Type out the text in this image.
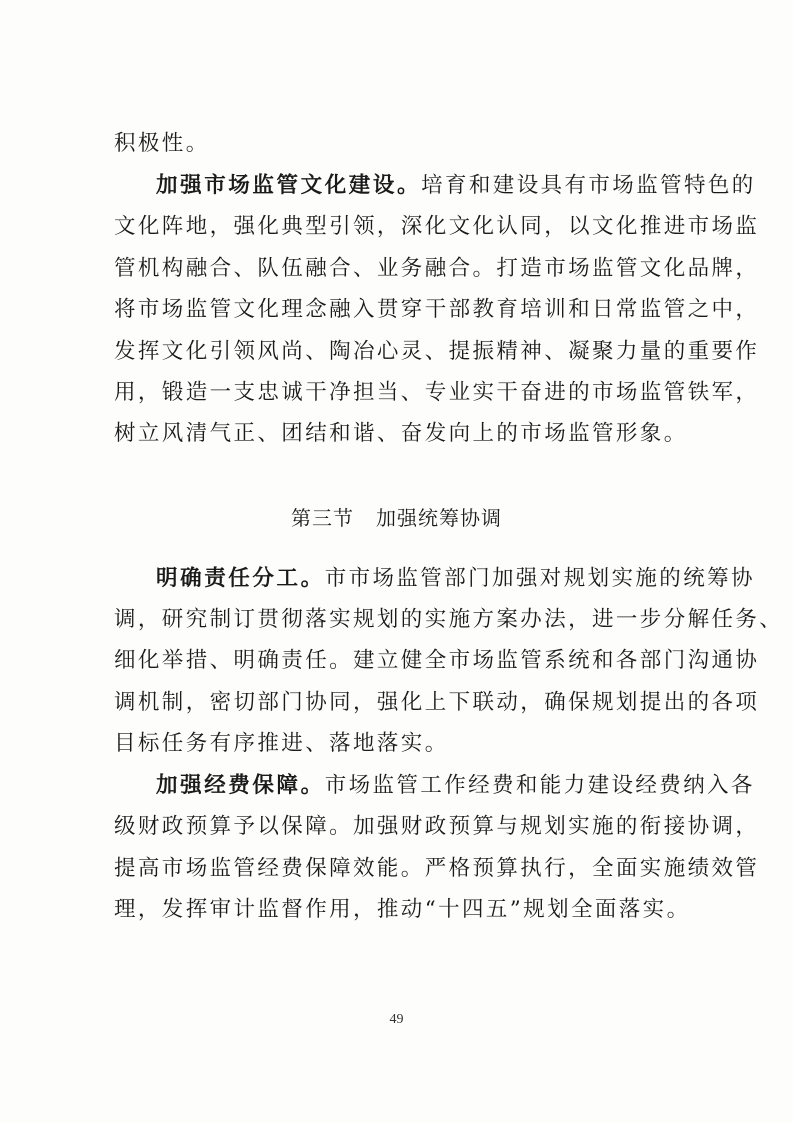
积极性。
加强市场监管文化建设。培育和建设具有市场监管特色的
文化阵地，强化典型引领，深化文化认同，以文化推进市场监
管机构融合、队伍融合、业务融合。打造市场监管文化品牌，
将市场监管文化理念融入贯穿干部教育培训和日常监管之中，
发挥文化引领风尚、陶冶心灵、提振精神、凝聚力量的重要作
用，锻造一支忠诚干净担当、专业实干奋进的市场监管铁军，
树立风清气正、团结和谐、奋发向上的市场监管形象。
第三节 加强统筹协调
明确责任分工。市市场监管部门加强对规划实施的统筹协
调，研究制订贯彻落实规划的实施方案办法，进一步分解任务、
细化举措、明确责任。建立健全市场监管系统和各部门沟通协
调机制，密切部门协同，强化上下联动，确保规划提出的各项
目标任务有序推进、落地落实。
加强经费保障。市场监管工作经费和能力建设经费纳入各
级财政预算予以保障。加强财政预算与规划实施的衔接协调，
提高市场监管经费保障效能。严格预算执行，全面实施绩效管
理，发挥审计监督作用，推动“十四五”规划全面落实。
49
